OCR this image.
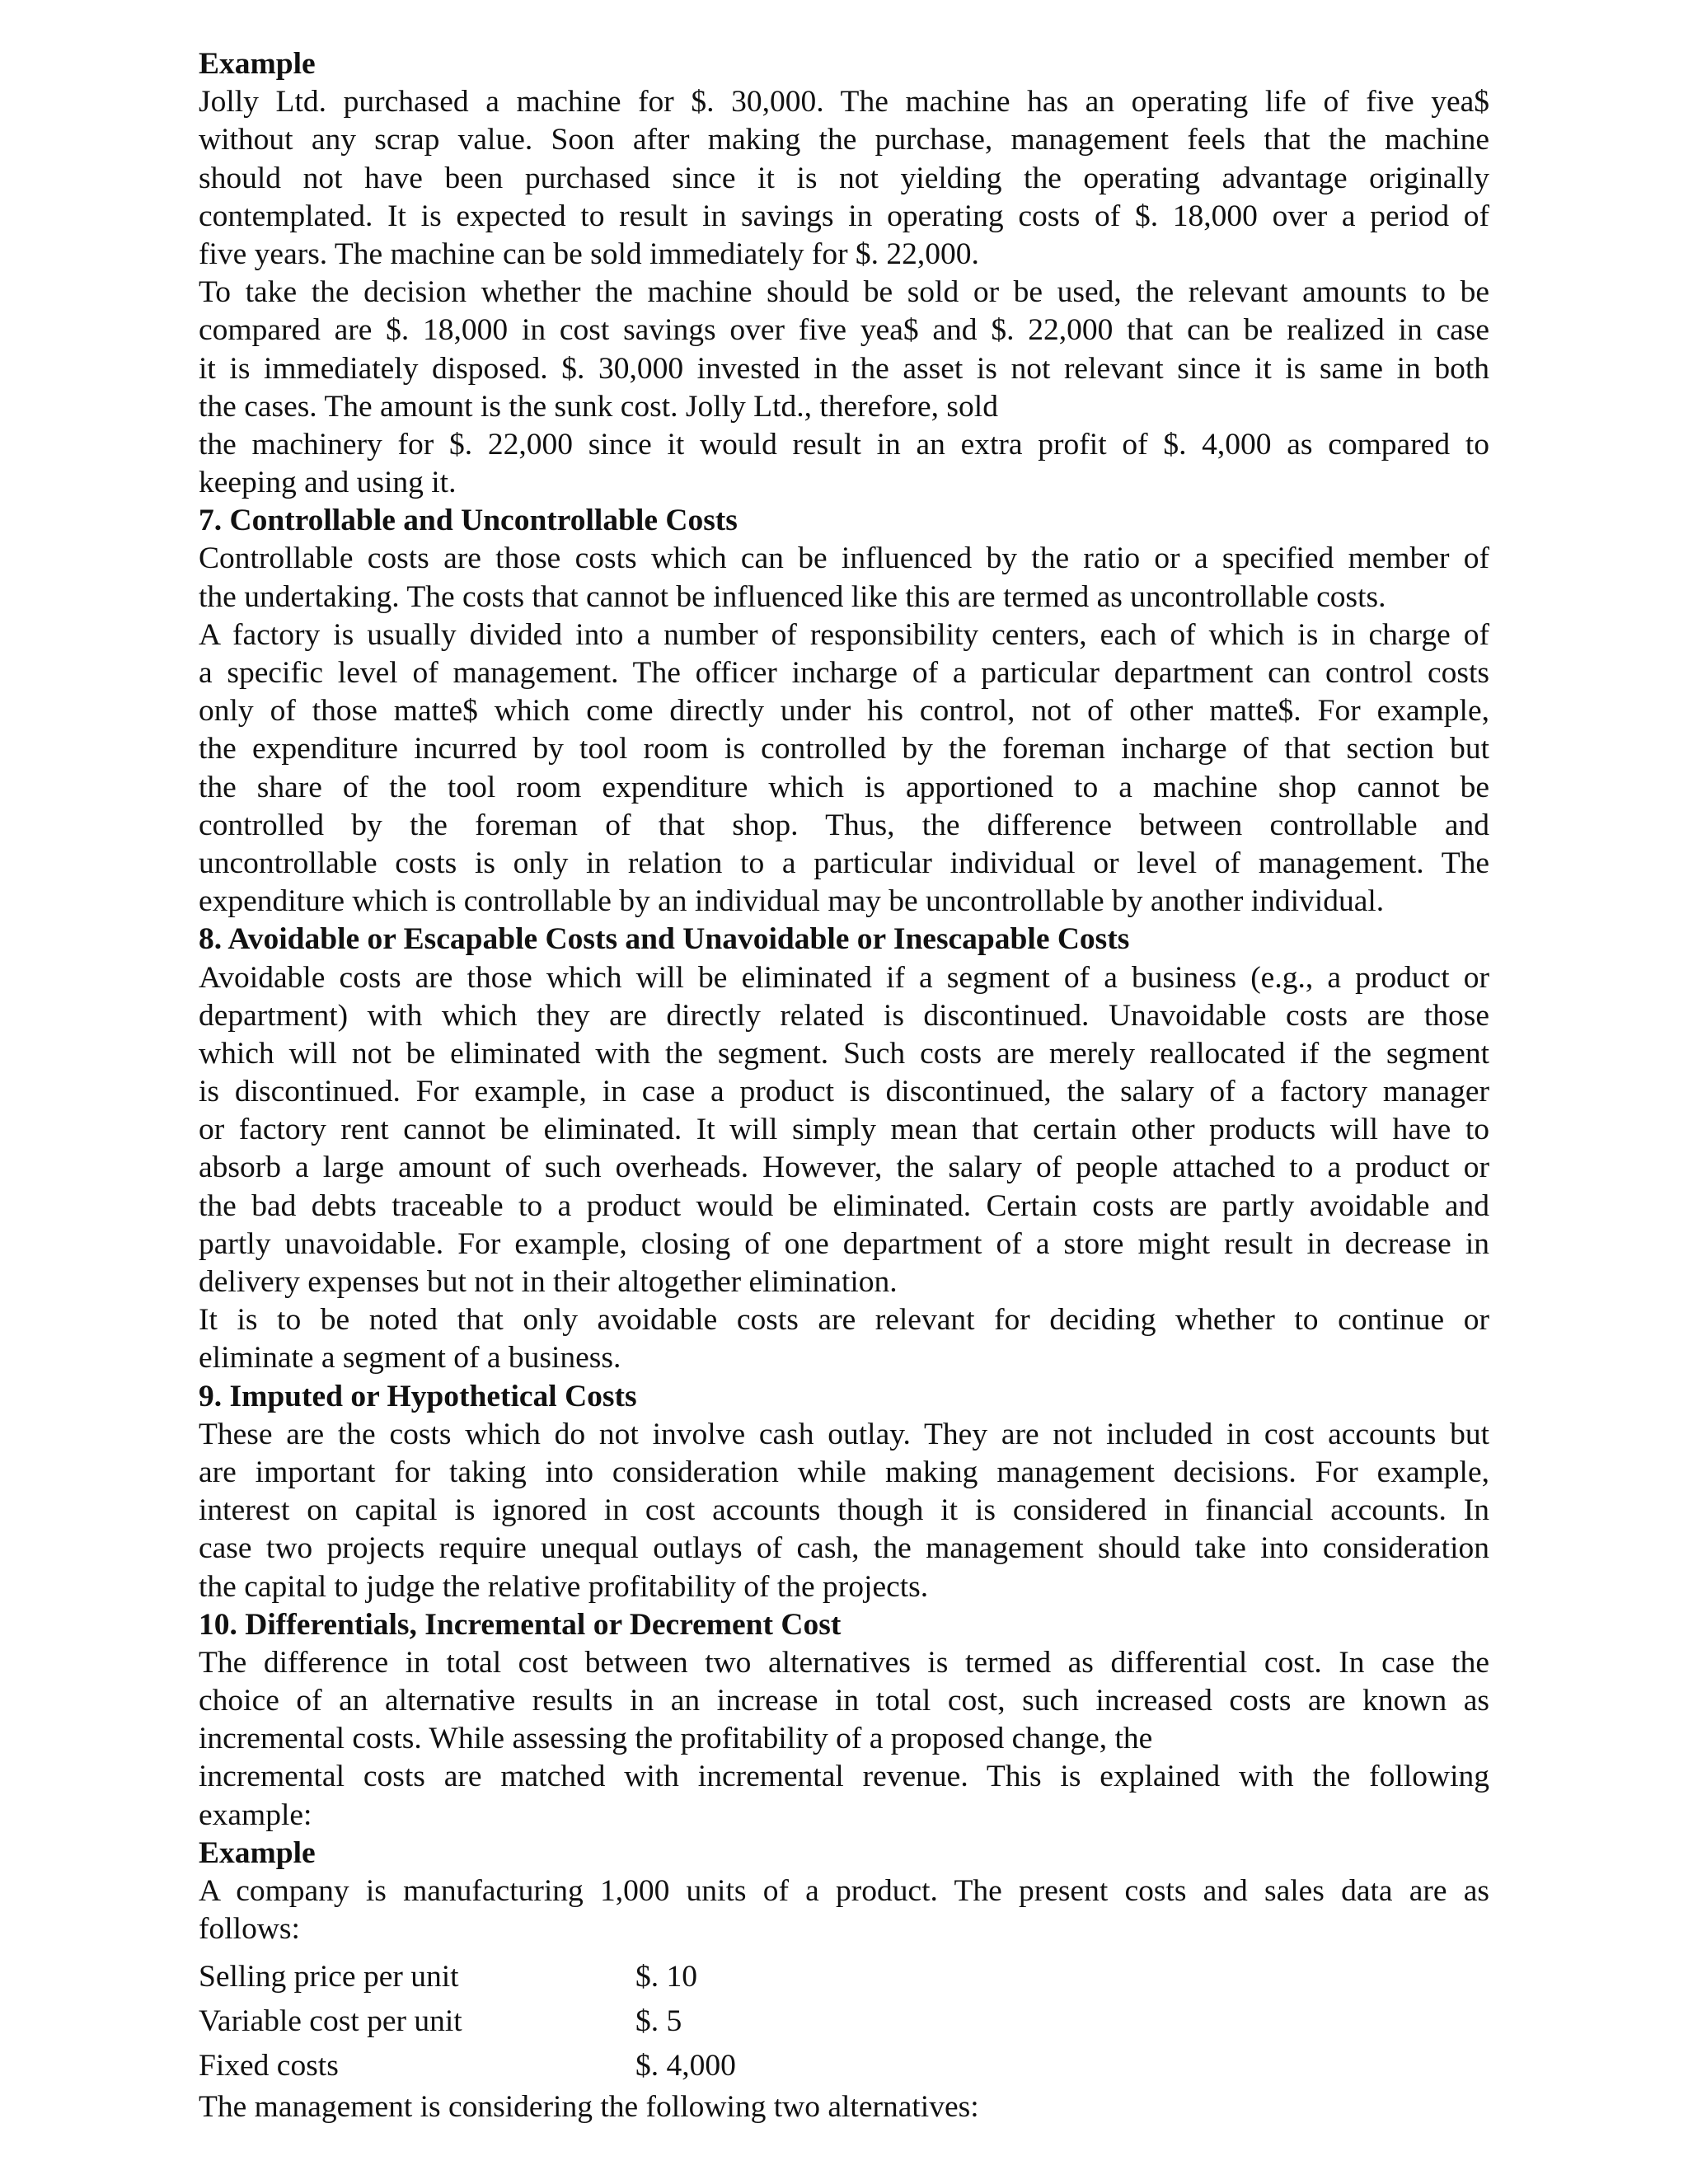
Example
Jolly Ltd. purchased a machine for $. 30,000. The machine has an operating life of five yea$
without any scrap value. Soon after making the purchase, management feels that the machine
should not have been purchased since it is not yielding the operating advantage originally
contemplated. It is expected to result in savings in operating costs of $. 18,000 over a period of
five years. The machine can be sold immediately for $. 22,000.
To take the decision whether the machine should be sold or be used, the relevant amounts to be
compared are $. 18,000 in cost savings over five yea$ and $. 22,000 that can be realized in case
it is immediately disposed. $. 30,000 invested in the asset is not relevant since it is same in both
the cases. The amount is the sunk cost. Jolly Ltd., therefore, sold
the machinery for $. 22,000 since it would result in an extra profit of $. 4,000 as compared to
keeping and using it.
7. Controllable and Uncontrollable Costs
Controllable costs are those costs which can be influenced by the ratio or a specified member of
the undertaking. The costs that cannot be influenced like this are termed as uncontrollable costs.
A factory is usually divided into a number of responsibility centers, each of which is in charge of
a specific level of management. The officer incharge of a particular department can control costs
only of those matte$ which come directly under his control, not of other matte$. For example,
the expenditure incurred by tool room is controlled by the foreman incharge of that section but
the share of the tool room expenditure which is apportioned to a machine shop cannot be
controlled by the foreman of that shop. Thus, the difference between controllable and
uncontrollable costs is only in relation to a particular individual or level of management. The
expenditure which is controllable by an individual may be uncontrollable by another individual.
8. Avoidable or Escapable Costs and Unavoidable or Inescapable Costs
Avoidable costs are those which will be eliminated if a segment of a business (e.g., a product or
department) with which they are directly related is discontinued. Unavoidable costs are those
which will not be eliminated with the segment. Such costs are merely reallocated if the segment
is discontinued. For example, in case a product is discontinued, the salary of a factory manager
or factory rent cannot be eliminated. It will simply mean that certain other products will have to
absorb a large amount of such overheads. However, the salary of people attached to a product or
the bad debts traceable to a product would be eliminated. Certain costs are partly avoidable and
partly unavoidable. For example, closing of one department of a store might result in decrease in
delivery expenses but not in their altogether elimination.
It is to be noted that only avoidable costs are relevant for deciding whether to continue or
eliminate a segment of a business.
9. Imputed or Hypothetical Costs
These are the costs which do not involve cash outlay. They are not included in cost accounts but
are important for taking into consideration while making management decisions. For example,
interest on capital is ignored in cost accounts though it is considered in financial accounts. In
case two projects require unequal outlays of cash, the management should take into consideration
the capital to judge the relative profitability of the projects.
10. Differentials, Incremental or Decrement Cost
The difference in total cost between two alternatives is termed as differential cost. In case the
choice of an alternative results in an increase in total cost, such increased costs are known as
incremental costs. While assessing the profitability of a proposed change, the
incremental costs are matched with incremental revenue. This is explained with the following
example:
Example
A company is manufacturing 1,000 units of a product. The present costs and sales data are as
follows:
Selling price per unit	$. 10
Variable cost per unit	$. 5
Fixed costs	$. 4,000
The management is considering the following two alternatives:
